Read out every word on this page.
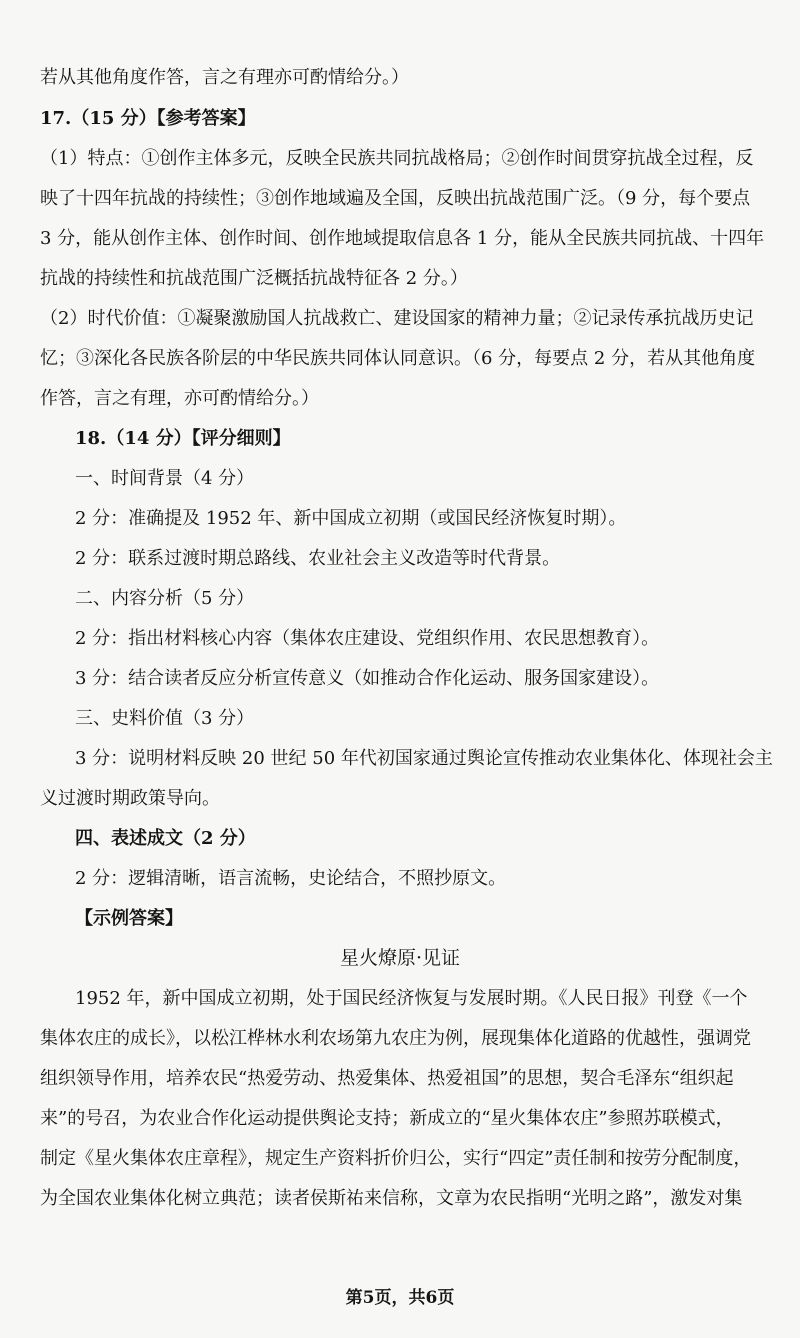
若从其他角度作答，言之有理亦可酌情给分。）
17.（15 分）【参考答案】
（1）特点：①创作主体多元，反映全民族共同抗战格局；②创作时间贯穿抗战全过程，反
映了十四年抗战的持续性；③创作地域遍及全国，反映出抗战范围广泛。（9 分，每个要点
3 分，能从创作主体、创作时间、创作地域提取信息各 1 分，能从全民族共同抗战、十四年
抗战的持续性和抗战范围广泛概括抗战特征各 2 分。）
（2）时代价值：①凝聚激励国人抗战救亡、建设国家的精神力量；②记录传承抗战历史记
忆；③深化各民族各阶层的中华民族共同体认同意识。（6 分，每要点 2 分，若从其他角度
作答，言之有理，亦可酌情给分。）
18.（14 分）【评分细则】
一、时间背景（4 分）
2 分：准确提及 1952 年、新中国成立初期（或国民经济恢复时期）。
2 分：联系过渡时期总路线、农业社会主义改造等时代背景。
二、内容分析（5 分）
2 分：指出材料核心内容（集体农庄建设、党组织作用、农民思想教育）。
3 分：结合读者反应分析宣传意义（如推动合作化运动、服务国家建设）。
三、史料价值（3 分）
3 分：说明材料反映 20 世纪 50 年代初国家通过舆论宣传推动农业集体化、体现社会主
义过渡时期政策导向。
四、表述成文（2 分）
2 分：逻辑清晰，语言流畅，史论结合，不照抄原文。
【示例答案】
星火燎原·见证
1952 年，新中国成立初期，处于国民经济恢复与发展时期。《人民日报》刊登《一个
集体农庄的成长》，以松江桦林水利农场第九农庄为例，展现集体化道路的优越性，强调党
组织领导作用，培养农民“热爱劳动、热爱集体、热爱祖国”的思想，契合毛泽东“组织起
来”的号召，为农业合作化运动提供舆论支持；新成立的“星火集体农庄”参照苏联模式，
制定《星火集体农庄章程》，规定生产资料折价归公，实行“四定”责任制和按劳分配制度，
为全国农业集体化树立典范；读者侯斯祐来信称，文章为农民指明“光明之路”，激发对集
第5页，共6页
